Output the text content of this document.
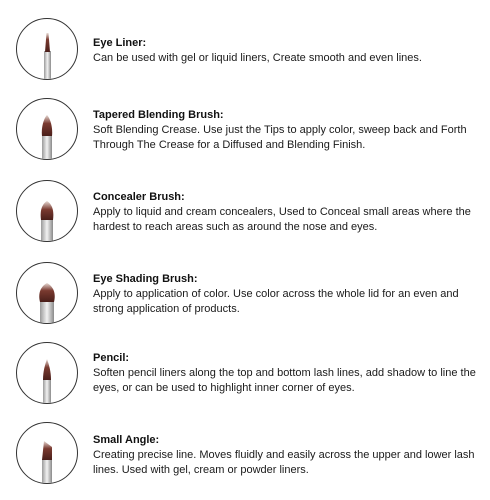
Eye Liner:

Can be used with gel or liquid liners, Create smooth and even lines.

Tapered Blending Brush:

Soft Blending Crease. Use just the Tips to apply color, sweep back and Forth Through The Crease for a Diffused and Blending Finish.

Concealer Brush:

Apply to liquid and cream concealers, Used to Conceal small areas where the hardest to reach areas such as around the nose and eyes.

Eye Shading Brush:

Apply to application of color. Use color across the whole lid for an even and strong application of products.

Pencil:

Soften pencil liners along the top and bottom lash lines, add shadow to line the eyes, or can be used to highlight inner corner of eyes.

Small Angle:

Creating precise line. Moves fluidly and easily across the upper and lower lash lines. Used with gel, cream or powder liners.
